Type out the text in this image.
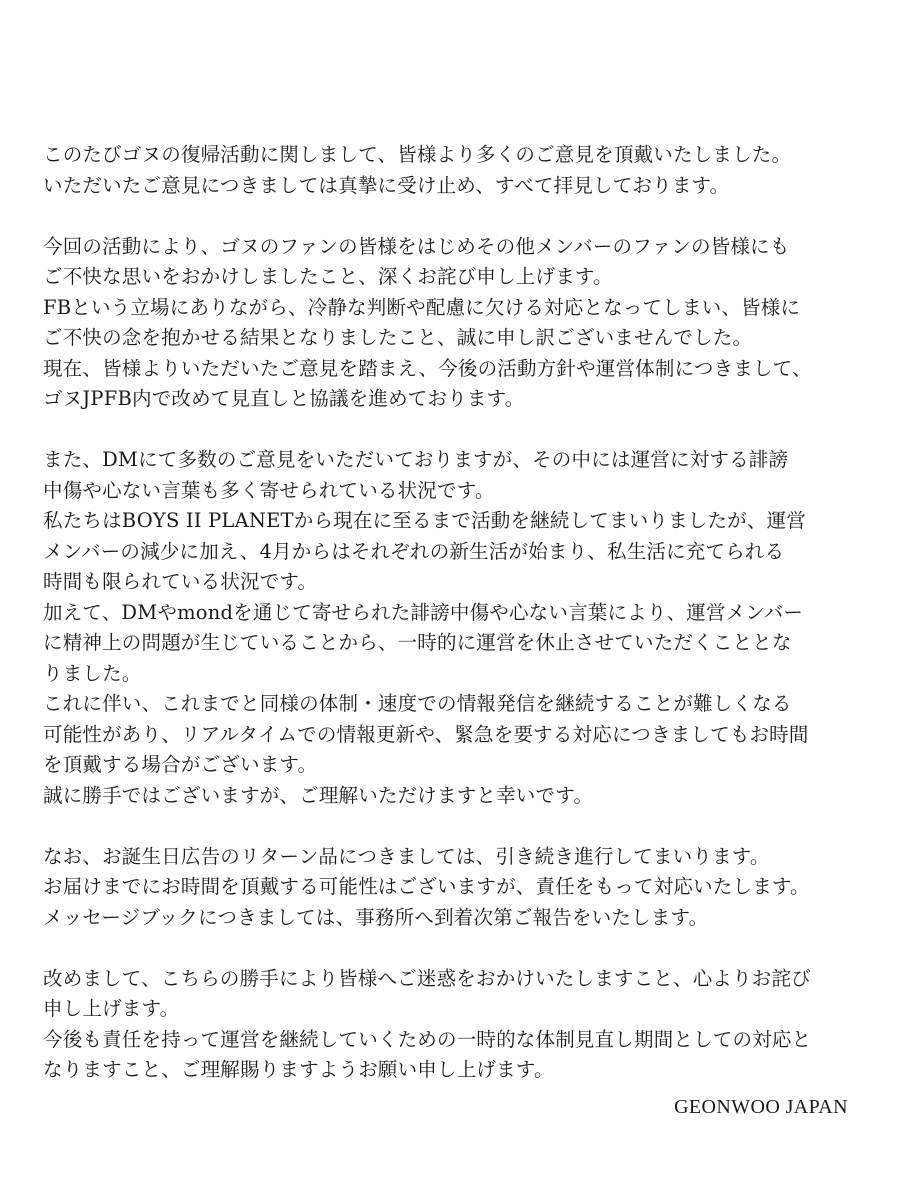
このたびゴヌの復帰活動に関しまして、皆様より多くのご意見を頂戴いたしました。
いただいたご意見につきましては真摯に受け止め、すべて拝見しております。
今回の活動により、ゴヌのファンの皆様をはじめその他メンバーのファンの皆様にも
ご不快な思いをおかけしましたこと、深くお詫び申し上げます。
FBという立場にありながら、冷静な判断や配慮に欠ける対応となってしまい、皆様に
ご不快の念を抱かせる結果となりましたこと、誠に申し訳ございませんでした。
現在、皆様よりいただいたご意見を踏まえ、今後の活動方針や運営体制につきまして、
ゴヌJPFB内で改めて見直しと協議を進めております。
また、DMにて多数のご意見をいただいておりますが、その中には運営に対する誹謗
中傷や心ない言葉も多く寄せられている状況です。
私たちはBOYS II PLANETから現在に至るまで活動を継続してまいりましたが、運営
メンバーの減少に加え、4月からはそれぞれの新生活が始まり、私生活に充てられる
時間も限られている状況です。
加えて、DMやmondを通じて寄せられた誹謗中傷や心ない言葉により、運営メンバー
に精神上の問題が生じていることから、一時的に運営を休止させていただくこととな
りました。
これに伴い、これまでと同様の体制・速度での情報発信を継続することが難しくなる
可能性があり、リアルタイムでの情報更新や、緊急を要する対応につきましてもお時間
を頂戴する場合がございます。
誠に勝手ではございますが、ご理解いただけますと幸いです。
なお、お誕生日広告のリターン品につきましては、引き続き進行してまいります。
お届けまでにお時間を頂戴する可能性はございますが、責任をもって対応いたします。
メッセージブックにつきましては、事務所へ到着次第ご報告をいたします。
改めまして、こちらの勝手により皆様へご迷惑をおかけいたしますこと、心よりお詫び
申し上げます。
今後も責任を持って運営を継続していくための一時的な体制見直し期間としての対応と
なりますこと、ご理解賜りますようお願い申し上げます。
GEONWOO JAPAN
